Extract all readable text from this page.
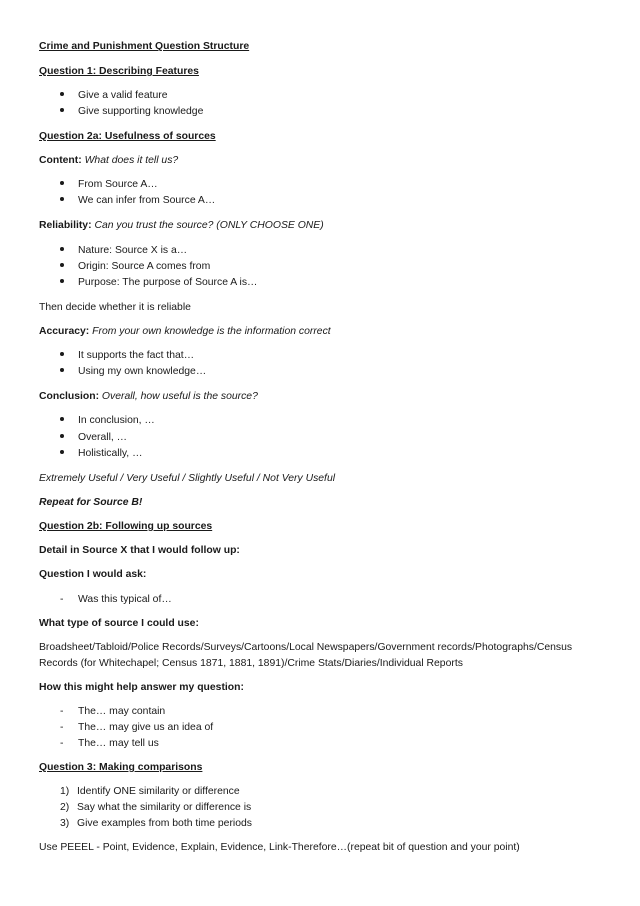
Crime and Punishment Question Structure
Question 1: Describing Features
Give a valid feature
Give supporting knowledge
Question 2a: Usefulness of sources
Content: What does it tell us?
From Source A…
We can infer from Source A…
Reliability: Can you trust the source? (ONLY CHOOSE ONE)
Nature: Source X is a…
Origin: Source A comes from
Purpose: The purpose of Source A is…
Then decide whether it is reliable
Accuracy: From your own knowledge is the information correct
It supports the fact that…
Using my own knowledge…
Conclusion: Overall, how useful is the source?
In conclusion, …
Overall, …
Holistically, …
Extremely Useful / Very Useful / Slightly Useful / Not Very Useful
Repeat for Source B!
Question 2b: Following up sources
Detail in Source X that I would follow up:
Question I would ask:
- Was this typical of…
What type of source I could use:
Broadsheet/Tabloid/Police Records/Surveys/Cartoons/Local Newspapers/Government records/Photographs/Census
Records (for Whitechapel; Census 1871, 1881, 1891)/Crime Stats/Diaries/Individual Reports
How this might help answer my question:
- The… may contain
- The… may give us an idea of
- The… may tell us
Question 3: Making comparisons
1) Identify ONE similarity or difference
2) Say what the similarity or difference is
3) Give examples from both time periods
Use PEEEL - Point, Evidence, Explain, Evidence, Link-Therefore…(repeat bit of question and your point)
